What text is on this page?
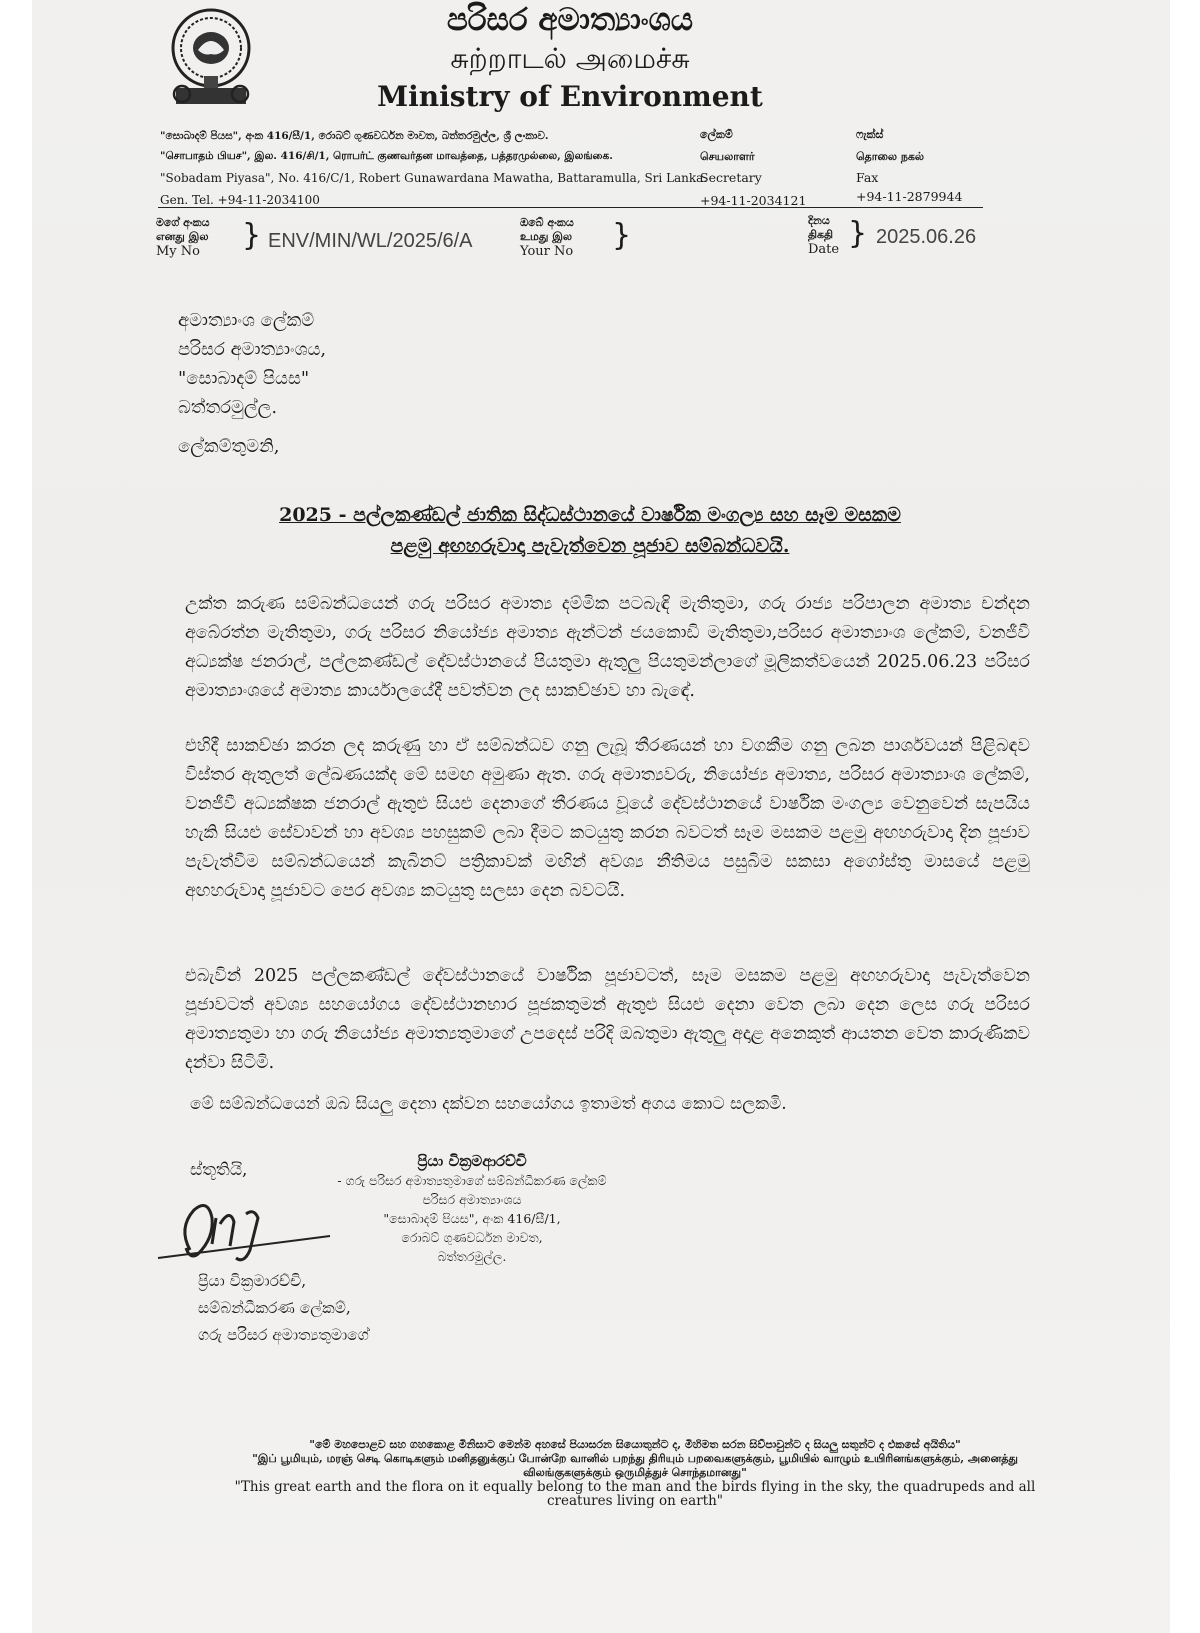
පරිසර අමාත්‍යාංශය
சுற்றாடல் அமைச்சு
Ministry of Environment
"සොබාදම් පියස", අංක 416/සී/1, රොබට් ගුණවර්ධන මාවත, බත්තරමුල්ල, ශ්‍රී ලංකාව.
"சொபாதம் பியச", இல. 416/சி/1, ரொபர்ட் குணவர்தன மாவத்தை, பத்தரமுல்லை, இலங்கை.
"Sobadam Piyasa", No. 416/C/1, Robert Gunawardana Mawatha, Battaramulla, Sri Lanka.
Gen. Tel. +94-11-2034100
ලේකම්
செயலாளர்
Secretary
+94-11-2034121
ෆැක්ස්
தொலை நகல்
Fax
+94-11-2879944
මගේ අංකය
எனது இல
My No } ENV/MIN/WL/2025/6/A
ඔබේ අංකය
உமது இல
Your No }	දිනය
திகதி
Date } 2025.06.26
අමාත්‍යාංශ ලේකම්
පරිසර අමාත්‍යාංශය,
"සොබාදම් පියස"
බත්තරමුල්ල.
ලේකම්තුමනි,
2025 - පල්ලකණ්ඩල් ජාතික සිද්ධස්ථානයේ වාර්ෂික මංගල්‍ය සහ සෑම මසකම
පළමු අඟහරුවාදා පැවැත්වෙන පූජාව සම්බන්ධවයි.
උක්ත කරුණ සම්බන්ධයෙන් ගරු පරිසර අමාත්‍ය දම්මික පටබැඳි මැතිතුමා, ගරු රාජ්‍ය පරිපාලන අමාත්‍ය චන්දන අබේරත්න මැතිතුමා, ගරු පරිසර නියෝජ්‍ය අමාත්‍ය ඇන්ටන් ජයකොඩි මැතිතුමා,පරිසර අමාත්‍යාංශ ලේකම්, වනජීවී අධ්‍යක්ෂ ජනරාල්, පල්ලකණ්ඩල් දේවස්ථානයේ පියතුමා ඇතුලු පියතුමන්ලාගේ මූලිකත්වයෙන් 2025.06.23 පරිසර අමාත්‍යාංශයේ අමාත්‍ය කාර්යාලයේදී පවත්වන ලද සාකච්ඡාව හා බැඳේ.
එහිදී සාකච්ඡා කරන ලද කරුණු හා ඒ සම්බන්ධව ගනු ලැබූ තීරණයන් හා වගකීම ගනු ලබන පාර්ශවයන් පිළිබඳව විස්තර ඇතුලත් ලේඛණයක්ද මේ සමඟ අමුණා ඇත. ගරු අමාත්‍යවරු, නියෝජ්‍ය අමාත්‍ය, පරිසර අමාත්‍යාංශ ලේකම්, වනජීවී අධ්‍යක්ෂක ජනරාල් ඇතුළු සියළු දෙනාගේ තීරණය වූයේ දේවස්ථානයේ වාර්ෂික මංගල්‍ය වෙනුවෙන් සැපයිය හැකි සියළු සේවාවන් හා අවශ්‍ය පහසුකම් ලබා දීමට කටයුතු කරන බවටත් සෑම මසකම පළමු අඟහරුවාදා දින පූජාව පැවැත්වීම සම්බන්ධයෙන් කැබිනට් පත්‍රිකාවක් මඟින් අවශ්‍ය නීතිමය පසුබිම සකසා අගෝස්තු මාසයේ පළමු අඟහරුවාදා පූජාවට පෙර අවශ්‍ය කටයුතු සලසා දෙන බවටයි.
එබැවින් 2025 පල්ලකණ්ඩල් දේවස්ථානයේ වාර්ෂික පූජාවටත්, සෑම මසකම පළමු අඟහරුවාදා පැවැත්වෙන පූජාවටත් අවශ්‍ය සහයෝගය දේවස්ථානභාර පූජකතුමන් ඇතුළු සියළු දෙනා වෙත ලබා දෙන ලෙස ගරු පරිසර අමාත්‍යතුමා හා ගරු නියෝජ්‍ය අමාත්‍යතුමාගේ උපදෙස් පරිදි ඔබතුමා ඇතුලු අදාළ අනෙකුත් ආයතන වෙත කාරුණිකව දන්වා සිටිමි.
මේ සම්බන්ධයෙන් ඔබ සියලු දෙනා දක්වන සහයෝගය ඉතාමත් අගය කොට සලකමි.
ස්තූතියි,	ප්‍රියා වික්‍රමආරච්චි
- ගරු පරිසර අමාත්‍යතුමාගේ සම්බන්ධීකරණ ලේකම්
පරිසර අමාත්‍යාංශය
"සොබාදම් පියස", අංක 416/සී/1,
රොබට් ගුණවර්ධන මාවත,
බත්තරමුල්ල.
ප්‍රියා වික්‍රමාරච්චි,
සම්බන්ධීකරණ ලේකම්,
ගරු පරිසර අමාත්‍යතුමාගේ
"මේ මහපොළව සහ ගහකොළ මිනිසාට මෙන්ම අහසේ පියාසරන සියොතුන්ට ද, මිහිමත සරන සිව්පාවුන්ට ද සියලු සතුන්ට ද එකසේ අයිතිය"
"இப் பூமியும், மரஞ் செடி கொடிகளும் மனிதனுக்குப் போன்றே வானில் பறந்து திரியும் பறவைகளுக்கும், பூமியில் வாழும் உயிரினங்களுக்கும், அனைத்து விலங்குகளுக்கும் ஒருமித்துச் சொந்தமானது"
"This great earth and the flora on it equally belong to the man and the birds flying in the sky, the quadrupeds and all creatures living on earth"
